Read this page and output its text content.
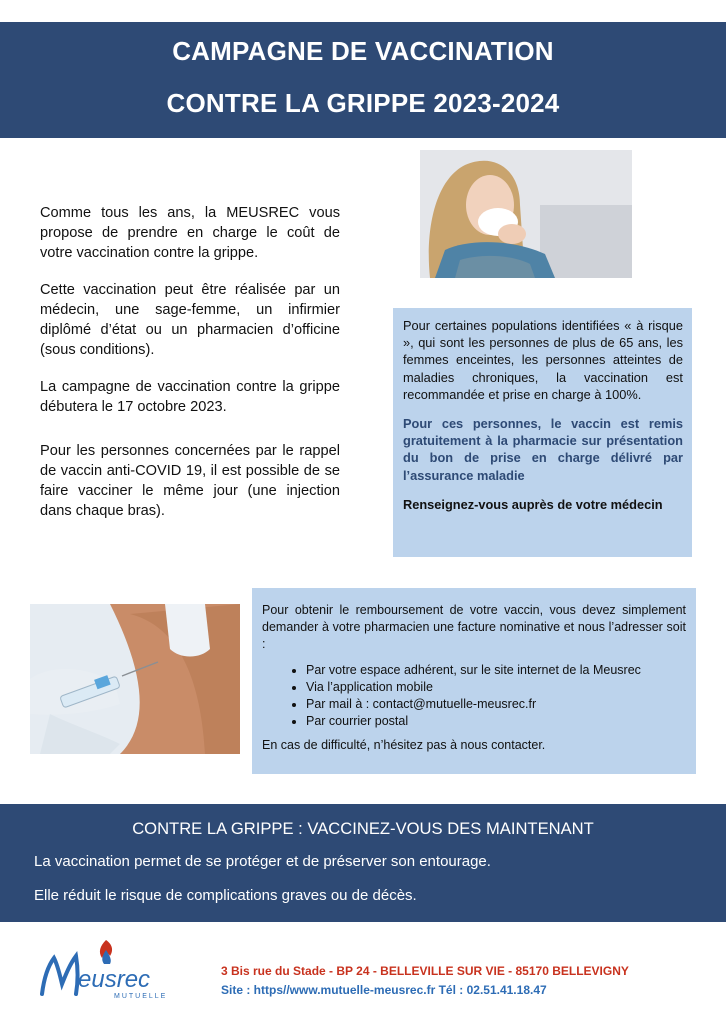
CAMPAGNE DE VACCINATION
CONTRE LA GRIPPE 2023-2024

Comme tous les ans, la MEUSREC vous propose de prendre en charge le coût de votre vaccination contre la grippe.

Cette vaccination peut être réalisée par un médecin, une sage-femme, un infirmier diplômé d’état ou un pharmacien d’officine (sous conditions).

La campagne de vaccination contre la grippe débutera le 17 octobre 2023.

Pour les personnes concernées par le rappel de vaccin anti-COVID 19, il est possible de se faire vacciner le même jour (une injection dans chaque bras).

Pour certaines populations identifiées « à risque », qui sont les personnes de plus de 65 ans, les femmes enceintes, les personnes atteintes de maladies chroniques, la vaccination est recommandée et prise en charge à 100%.

Pour ces personnes, le vaccin est remis gratuitement à la pharmacie sur présentation du bon de prise en charge délivré par l’assurance maladie

Renseignez-vous auprès de votre médecin

Pour obtenir le remboursement de votre vaccin, vous devez simplement demander à votre pharmacien une facture nominative et nous l’adresser soit :

• Par votre espace adhérent, sur le site internet de la Meusrec
• Via l’application mobile
• Par mail à : contact@mutuelle-meusrec.fr
• Par courrier postal

En cas de difficulté, n’hésitez pas à nous contacter.

CONTRE LA GRIPPE : VACCINEZ-VOUS DES MAINTENANT
La vaccination permet de se protéger et de préserver son entourage.
Elle réduit le risque de complications graves ou de décès.
eusrec
MUTUELLE
3 Bis rue du Stade - BP 24 - BELLEVILLE SUR VIE - 85170 BELLEVIGNY
Site : https//www.mutuelle-meusrec.fr Tél : 02.51.41.18.47
